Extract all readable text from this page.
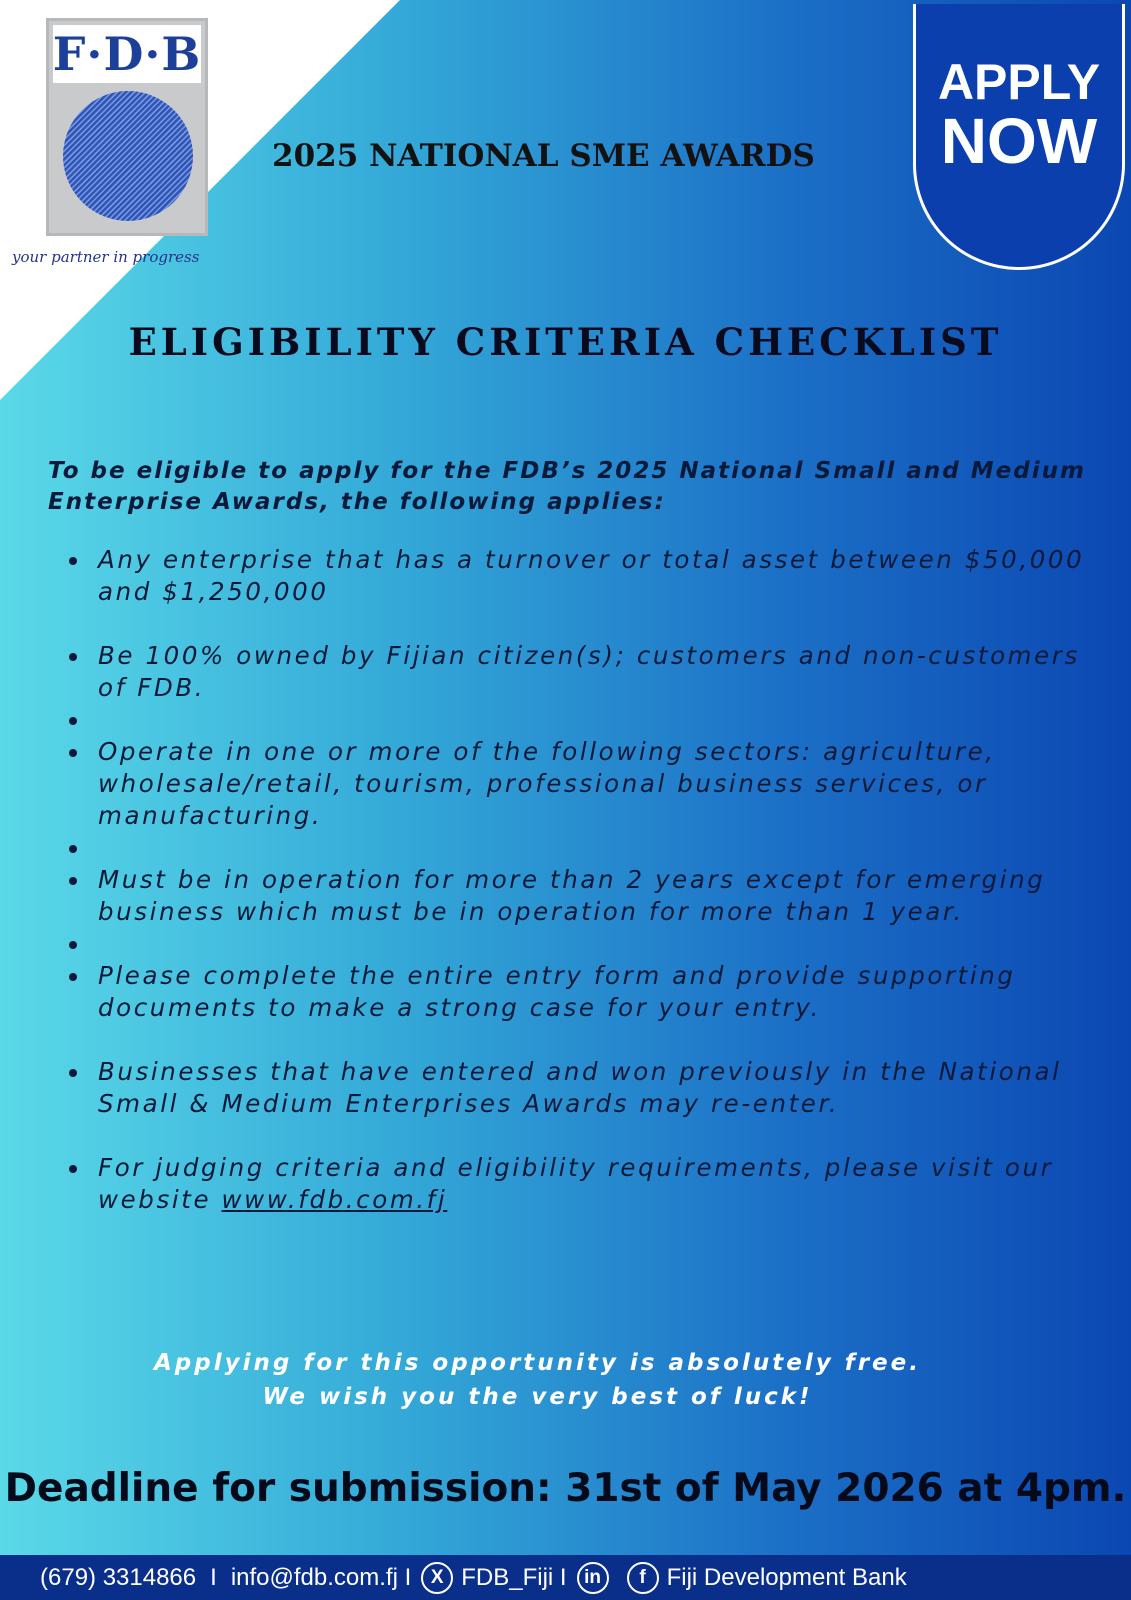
F·D·B
your partner in progress
2025 NATIONAL SME AWARDS
APPLY
NOW
ELIGIBILITY CRITERIA CHECKLIST
To be eligible to apply for the FDB’s 2025 National Small and Medium Enterprise Awards, the following applies:
Any enterprise that has a turnover or total asset between $50,000 and $1,250,000
Be 100% owned by Fijian citizen(s); customers and non-customers of FDB.

Operate in one or more of the following sectors: agriculture, wholesale/retail, tourism, professional business services, or manufacturing.

Must be in operation for more than 2 years except for emerging business which must be in operation for more than 1 year.

Please complete the entire entry form and provide supporting documents to make a strong case for your entry.
Businesses that have entered and won previously in the National Small & Medium Enterprises Awards may re-enter.
For judging criteria and eligibility requirements, please visit our website www.fdb.com.fj
Applying for this opportunity is absolutely free.
We wish you the very best of luck!
Deadline for submission: 31st of May 2026 at 4pm.
(679) 3314866 I info@fdb.com.fj I	X FDB_Fiji I in	f Fiji Development Bank
